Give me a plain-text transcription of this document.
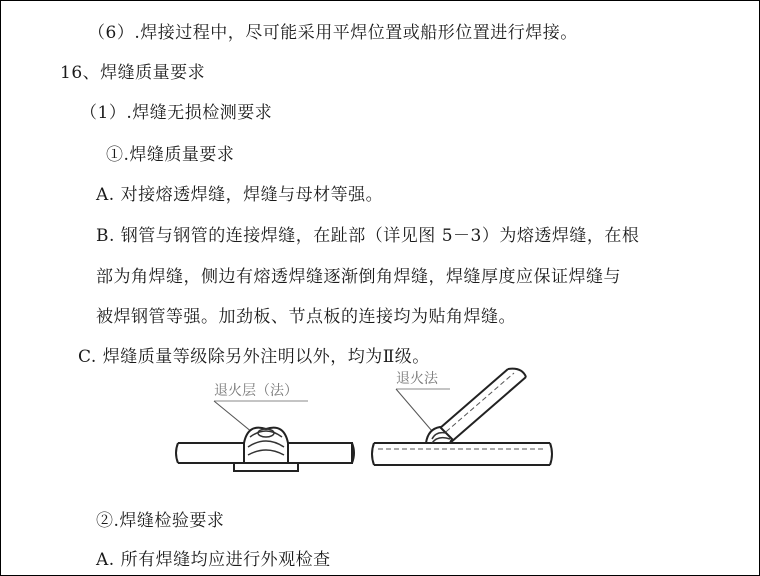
（6）.焊接过程中，尽可能采用平焊位置或船形位置进行焊接。
16、焊缝质量要求
（1）.焊缝无损检测要求
①.焊缝质量要求
A. 对接熔透焊缝，焊缝与母材等强。
B. 钢管与钢管的连接焊缝，在趾部（详见图 5－3）为熔透焊缝，在根
部为角焊缝，侧边有熔透焊缝逐渐倒角焊缝，焊缝厚度应保证焊缝与
被焊钢管等强。加劲板、节点板的连接均为贴角焊缝。
C. 焊缝质量等级除另外注明以外，均为Ⅱ级。
退火层（法）
退火法
②.焊缝检验要求
A. 所有焊缝均应进行外观检查
